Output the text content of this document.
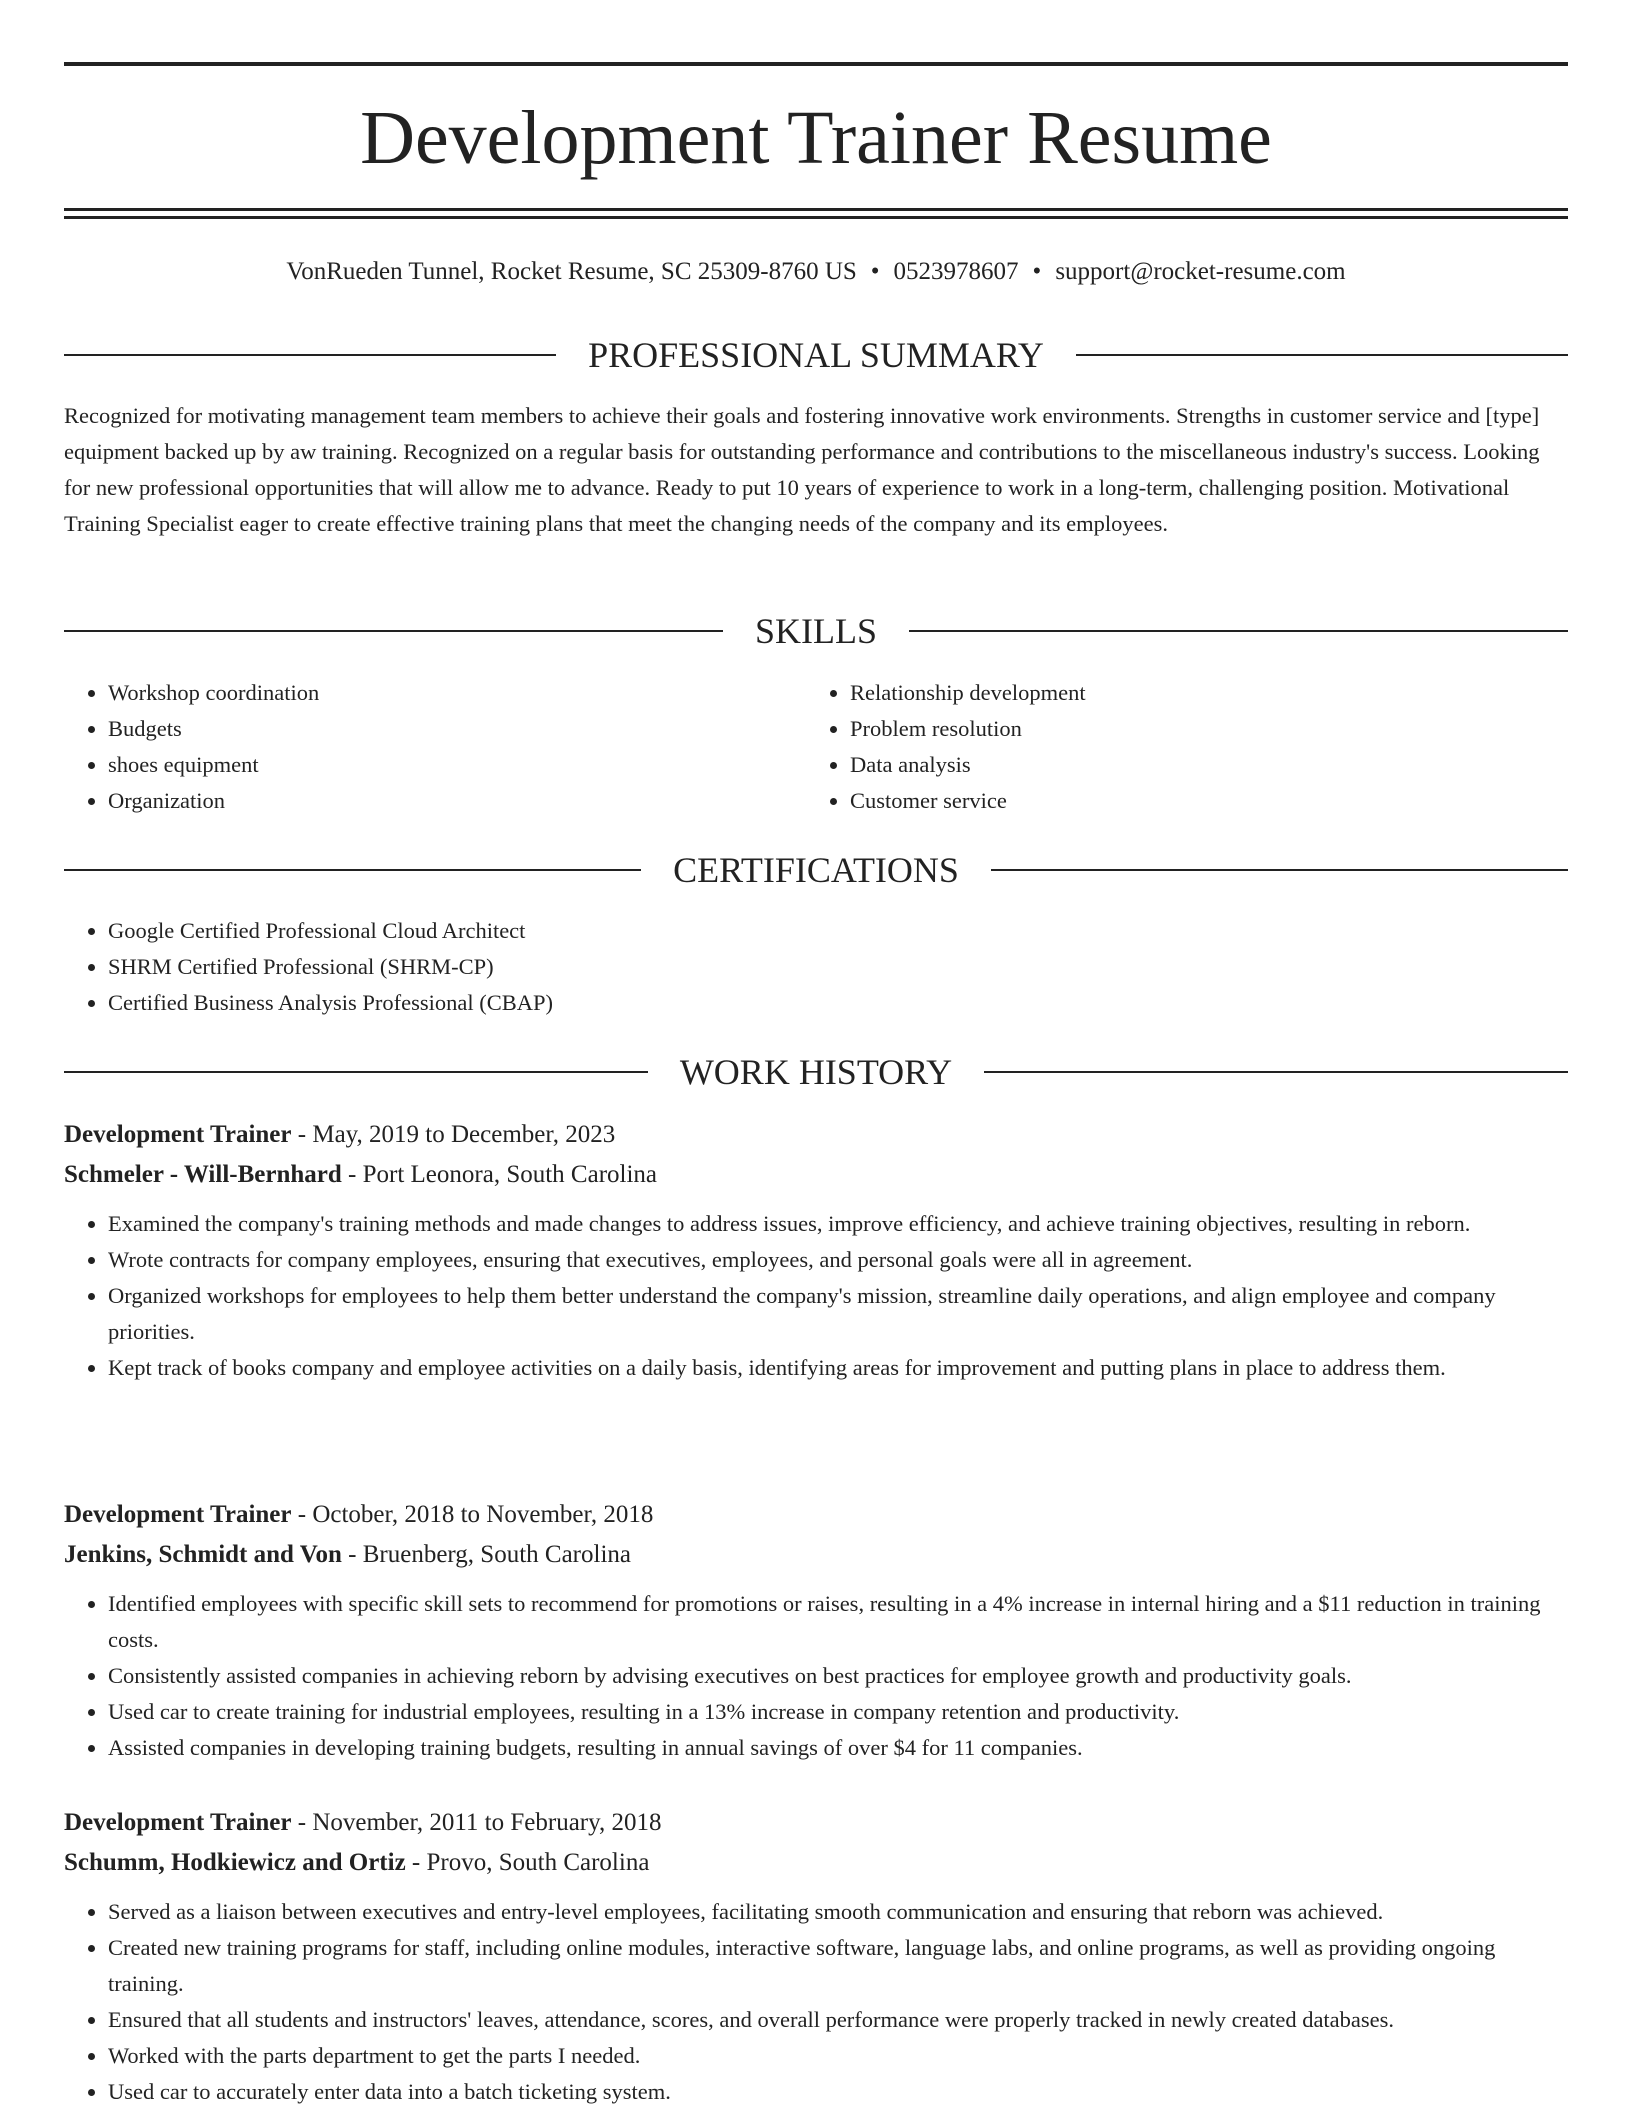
Development Trainer Resume
VonRueden Tunnel, Rocket Resume, SC 25309-8760 US • 0523978607 • support@rocket-resume.com
PROFESSIONAL SUMMARY

Recognized for motivating management team members to achieve their goals and fostering innovative work environments. Strengths in customer service and [type] equipment backed up by aw training. Recognized on a regular basis for outstanding performance and contributions to the miscellaneous industry's success. Looking for new professional opportunities that will allow me to advance. Ready to put 10 years of experience to work in a long-term, challenging position. Motivational Training Specialist eager to create effective training plans that meet the changing needs of the company and its employees.

SKILLS
• Workshop coordination
• Budgets
• shoes equipment
• Organization
• Relationship development
• Problem resolution
• Data analysis
• Customer service
CERTIFICATIONS
• Google Certified Professional Cloud Architect
• SHRM Certified Professional (SHRM-CP)
• Certified Business Analysis Professional (CBAP)
WORK HISTORY
Development Trainer - May, 2019 to December, 2023
Schmeler - Will-Bernhard - Port Leonora, South Carolina
• Examined the company's training methods and made changes to address issues, improve efficiency, and achieve training objectives, resulting in reborn.
• Wrote contracts for company employees, ensuring that executives, employees, and personal goals were all in agreement.
• Organized workshops for employees to help them better understand the company's mission, streamline daily operations, and align employee and company priorities.
• Kept track of books company and employee activities on a daily basis, identifying areas for improvement and putting plans in place to address them.
Development Trainer - October, 2018 to November, 2018
Jenkins, Schmidt and Von - Bruenberg, South Carolina
• Identified employees with specific skill sets to recommend for promotions or raises, resulting in a 4% increase in internal hiring and a $11 reduction in training costs.
• Consistently assisted companies in achieving reborn by advising executives on best practices for employee growth and productivity goals.
• Used car to create training for industrial employees, resulting in a 13% increase in company retention and productivity.
• Assisted companies in developing training budgets, resulting in annual savings of over $4 for 11 companies.
Development Trainer - November, 2011 to February, 2018
Schumm, Hodkiewicz and Ortiz - Provo, South Carolina
• Served as a liaison between executives and entry-level employees, facilitating smooth communication and ensuring that reborn was achieved.
• Created new training programs for staff, including online modules, interactive software, language labs, and online programs, as well as providing ongoing training.
• Ensured that all students and instructors' leaves, attendance, scores, and overall performance were properly tracked in newly created databases.
• Worked with the parts department to get the parts I needed.
• Used car to accurately enter data into a batch ticketing system.
